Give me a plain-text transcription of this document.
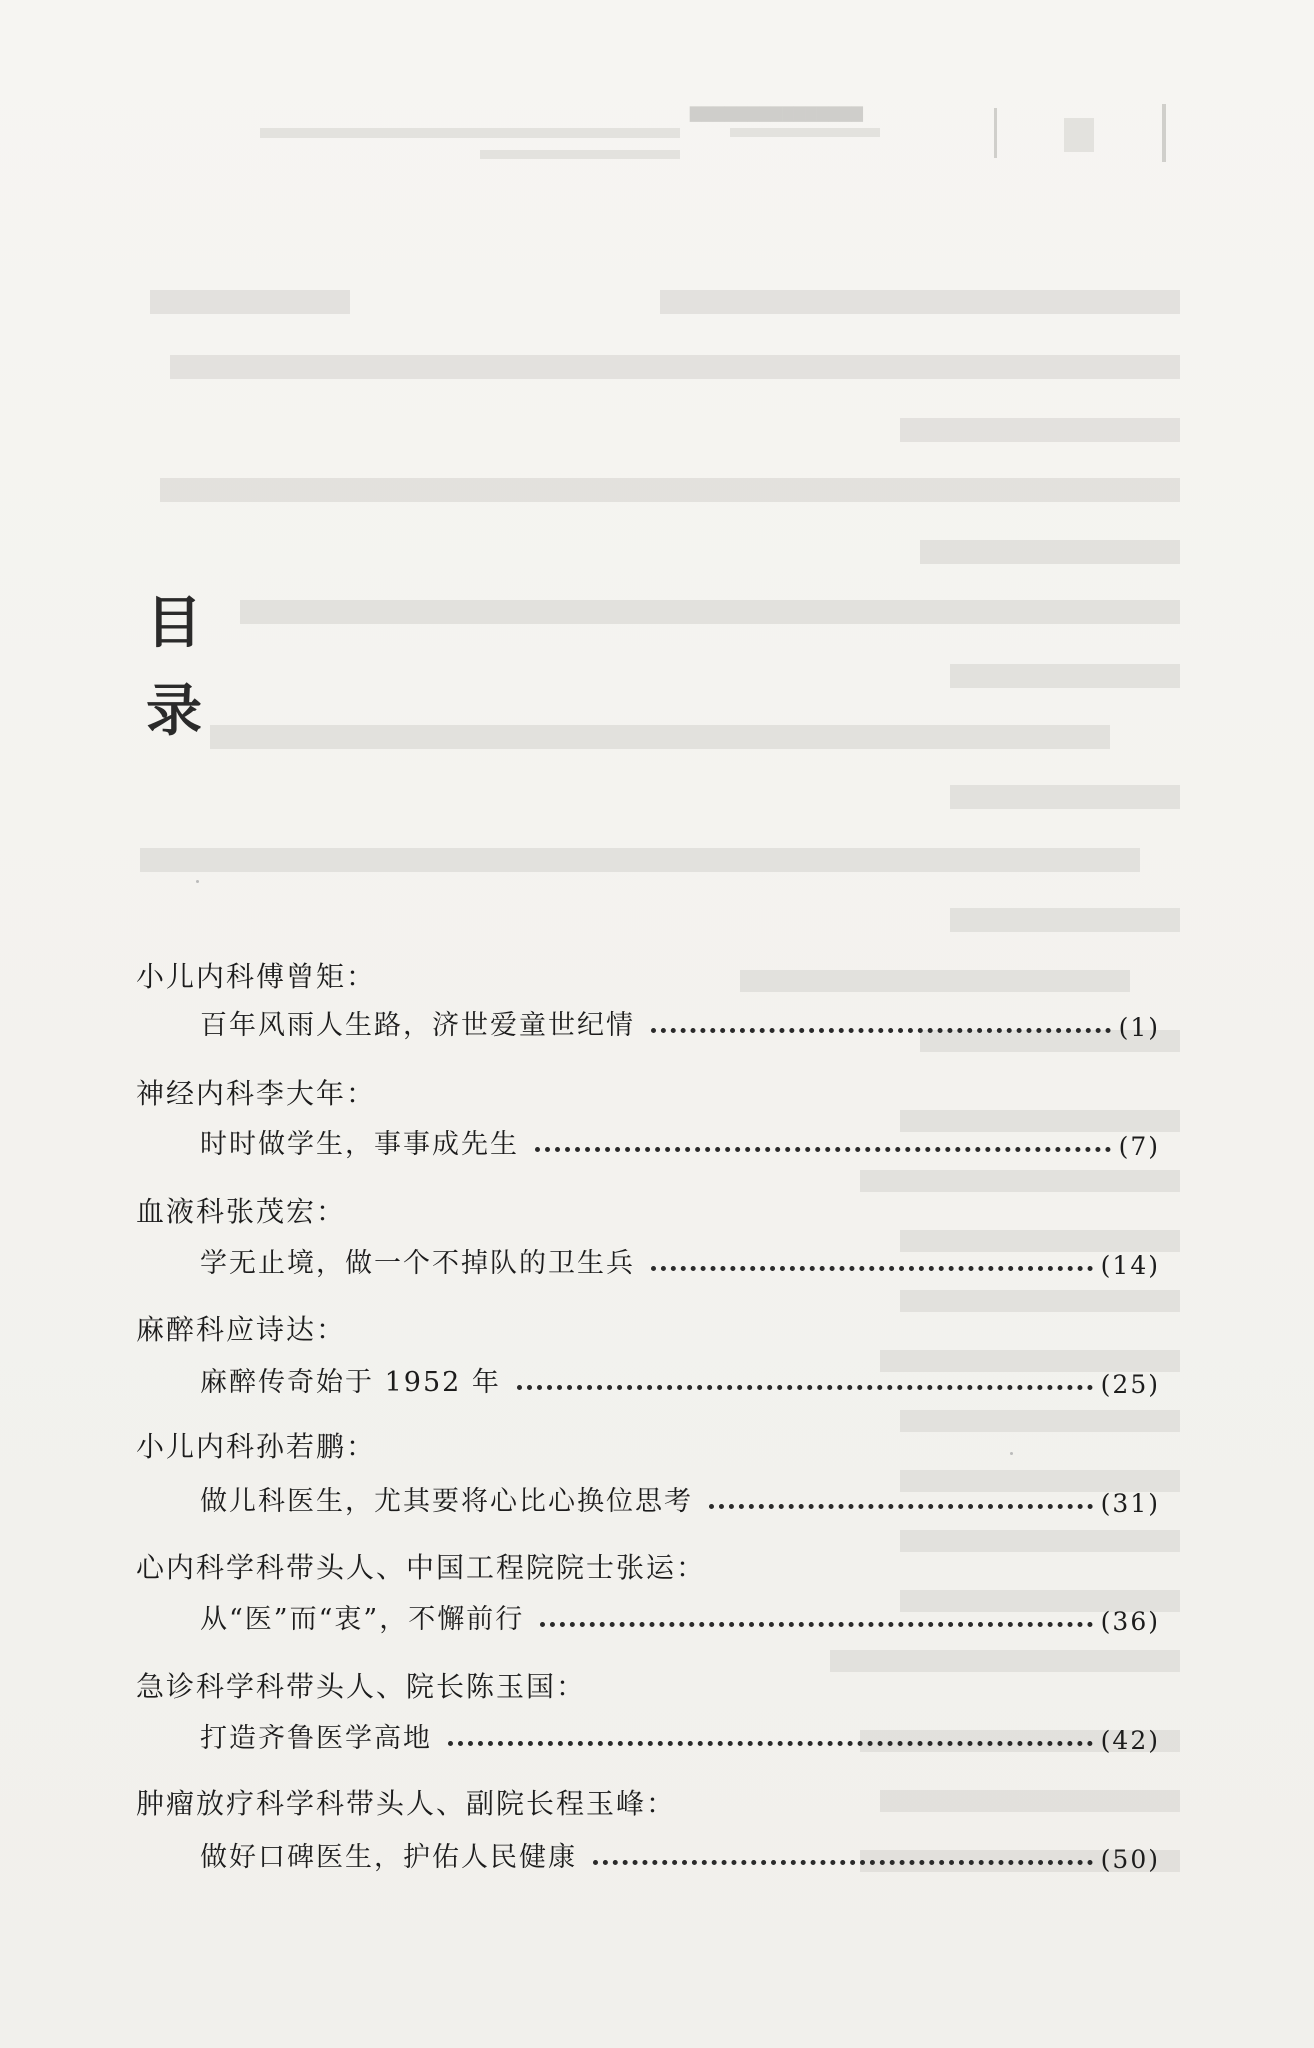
▇▇▇▇▇▇▇▇▇▇▇▇▇▇▇
目
录
小儿内科傅曾矩：
百年风雨人生路，济世爱童世纪情	(1)
神经内科李大年：
时时做学生，事事成先生	(7)
血液科张茂宏：
学无止境，做一个不掉队的卫生兵	(14)
麻醉科应诗达：
麻醉传奇始于 1952 年	(25)
小儿内科孙若鹏：
做儿科医生，尤其要将心比心换位思考	(31)
心内科学科带头人、中国工程院院士张运：
从“医”而“衷”，不懈前行	(36)
急诊科学科带头人、院长陈玉国：
打造齐鲁医学高地	(42)
肿瘤放疗科学科带头人、副院长程玉峰：
做好口碑医生，护佑人民健康	(50)
